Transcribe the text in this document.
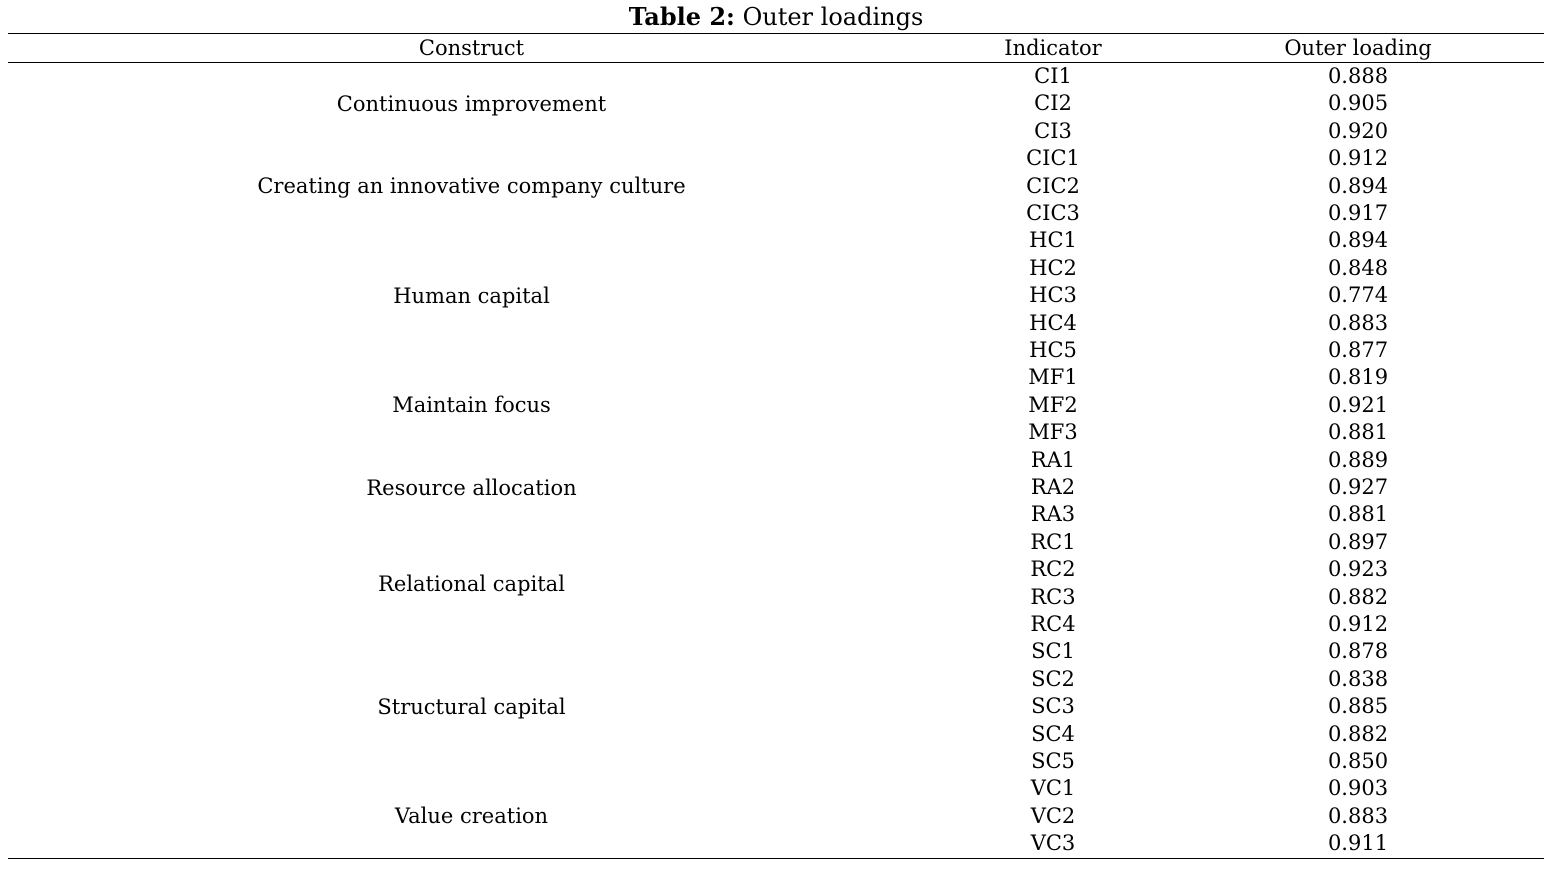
Table 2: Outer loadings
Construct	Indicator	Outer loading
Continuous improvement
CI1	0.888
CI2	0.905
CI3	0.920
Creating an innovative company culture
CIC1	0.912
CIC2	0.894
CIC3	0.917
Human capital
HC1	0.894
HC2	0.848
HC3	0.774
HC4	0.883
HC5	0.877
Maintain focus
MF1	0.819
MF2	0.921
MF3	0.881
Resource allocation
RA1	0.889
RA2	0.927
RA3	0.881
Relational capital
RC1	0.897
RC2	0.923
RC3	0.882
RC4	0.912
Structural capital
SC1	0.878
SC2	0.838
SC3	0.885
SC4	0.882
SC5	0.850
Value creation
VC1	0.903
VC2	0.883
VC3	0.911
